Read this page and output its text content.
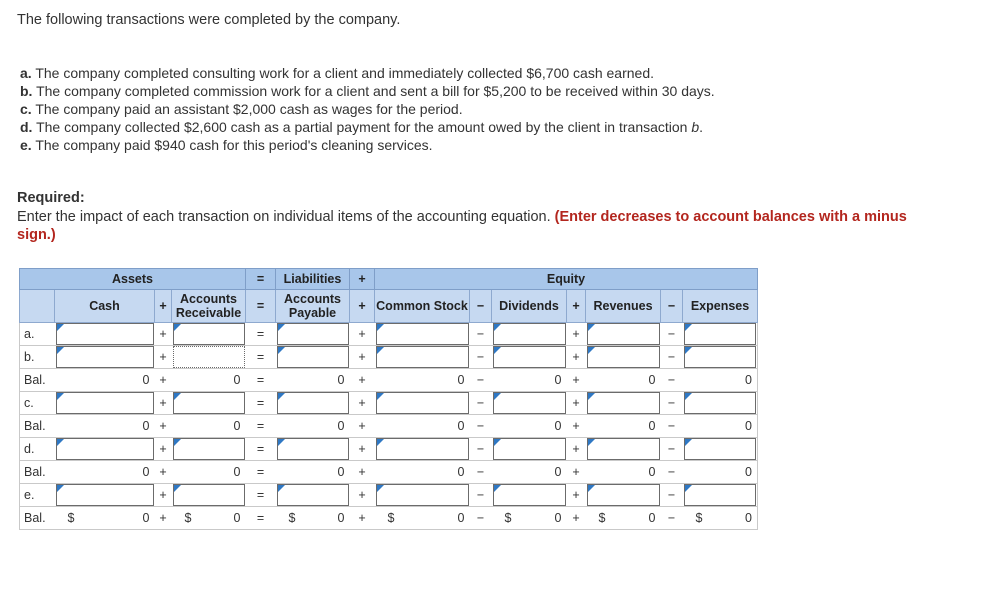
The following transactions were completed by the company.
a. The company completed consulting work for a client and immediately collected $6,700 cash earned.
b. The company completed commission work for a client and sent a bill for $5,200 to be received within 30 days.
c. The company paid an assistant $2,000 cash as wages for the period.
d. The company collected $2,600 cash as a partial payment for the amount owed by the client in transaction b.
e. The company paid $940 cash for this period's cleaning services.
Required:
Enter the impact of each transaction on individual items of the accounting equation. (Enter decreases to account balances with a minus sign.)
Assets				=	Liabilities	+	Equity						
	Cash	+	Accounts Receivable	=	Accounts Payable	+	Common Stock	−	Dividends	+	Revenues	−	Expenses
a.		+		=		+		−		+		−	

b.		+		=		+		−		+		−	

Bal.	0	+	0	=	0	+	0	−	0	+	0	−	0
c.		+		=		+		−		+		−	

Bal.	0	+	0	=	0	+	0	−	0	+	0	−	0
d.		+		=		+		−		+		−	

Bal.	0	+	0	=	0	+	0	−	0	+	0	−	0
e.		+		=		+		−		+		−	

Bal.	$ 0	+	$ 0	=	$ 0	+	$ 0	−	$ 0	+	$ 0	−	$ 0
